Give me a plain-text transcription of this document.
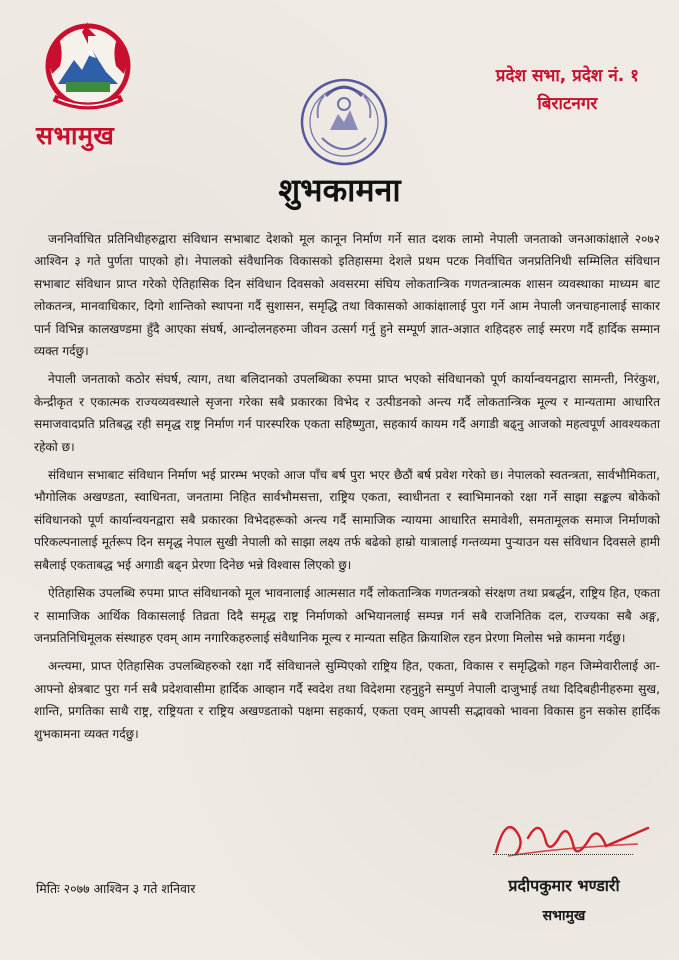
सभामुख
प्रदेश सभा, प्रदेश नं. १
बिराटनगर
शुभकामना

जननिर्वाचित प्रतिनिधीहरुद्वारा संविधान सभाबाट देशको मूल कानून निर्माण गर्ने सात दशक लामो नेपाली जनताको जनआकांक्षाले २०७२ आश्विन ३ गते पुर्णता पाएको हो। नेपालको संवैधानिक विकासको इतिहासमा देशले प्रथम पटक निर्वाचित जनप्रतिनिधी सम्मिलित संविधान सभाबाट संविधान प्राप्त गरेको ऐतिहासिक दिन संविधान दिवसको अवसरमा संघिय लोकतान्त्रिक गणतन्त्रात्मक शासन व्यवस्थाका माध्यम बाट लोकतन्त्र, मानवाधिकार, दिगो शान्तिको स्थापना गर्दै सुशासन, समृद्धि तथा विकासको आकांक्षालाई पुरा गर्ने आम नेपाली जनचाहनालाई साकार पार्न विभिन्न कालखण्डमा हुँदै आएका संघर्ष, आन्दोलनहरुमा जीवन उत्सर्ग गर्नु हुने सम्पूर्ण ज्ञात-अज्ञात शहिदहरु लाई स्मरण गर्दै हार्दिक सम्मान व्यक्त गर्दछु।

नेपाली जनताको कठोर संघर्ष, त्याग, तथा बलिदानको उपलब्धिका रुपमा प्राप्त भएको संविधानको पूर्ण कार्यान्वयनद्वारा सामन्ती, निरंकुश, केन्द्रीकृत र एकात्मक राज्यव्यवस्थाले सृजना गरेका सबै प्रकारका विभेद र उत्पीडनको अन्त्य गर्दै लोकतान्त्रिक मूल्य र मान्यतामा आधारित समाजवादप्रति प्रतिबद्ध रही समृद्ध राष्ट्र निर्माण गर्न पारस्परिक एकता सहिष्णुता, सहकार्य कायम गर्दै अगाडी बढ्नु आजको महत्वपूर्ण आवश्यकता रहेको छ।

संविधान सभाबाट संविधान निर्माण भई प्रारम्भ भएको आज पाँच बर्ष पुरा भएर छैठौं बर्ष प्रवेश गरेको छ। नेपालको स्वतन्त्रता, सार्वभौमिकता, भौगोलिक अखण्डता, स्वाधिनता, जनतामा निहित सार्वभौमसत्ता, राष्ट्रिय एकता, स्वाधीनता र स्वाभिमानको रक्षा गर्ने साझा सङ्कल्प बोकेको संविधानको पूर्ण कार्यान्वयनद्वारा सबै प्रकारका विभेदहरूको अन्त्य गर्दै सामाजिक न्यायमा आधारित समावेशी, समतामूलक समाज निर्माणको परिकल्पनालाई मूर्तरूप दिन समृद्ध नेपाल सुखी नेपाली को साझा लक्ष्य तर्फ बढेको हाम्रो यात्रालाई गन्तव्यमा पुर्‍याउन यस संविधान दिवसले हामी सबैलाई एकताबद्ध भई अगाडी बढ्न प्रेरणा दिनेछ भन्ने विश्वास लिएको छु।

ऐतिहासिक उपलब्धि रुपमा प्राप्त संविधानको मूल भावनालाई आत्मसात गर्दै लोकतान्त्रिक गणतन्त्रको संरक्षण तथा प्रबर्द्धन, राष्ट्रिय हित, एकता र सामाजिक आर्थिक विकासलाई तिव्रता दिदै समृद्ध राष्ट्र निर्माणको अभियानलाई सम्पन्न गर्न सबै राजनितिक दल, राज्यका सबै अङ्ग, जनप्रतिनिधिमूलक संस्थाहरु एवम् आम नगारिकहरुलाई संवैधानिक मूल्य र मान्यता सहित क्रियाशिल रहन प्रेरणा मिलोस भन्ने कामना गर्दछु।

अन्त्यमा, प्राप्त ऐतिहासिक उपलब्धिहरुको रक्षा गर्दै संविधानले सुम्पिएको राष्ट्रिय हित, एकता, विकास र समृद्धिको गहन जिम्मेवारीलाई आ-आफ्नो क्षेत्रबाट पुरा गर्न सबै प्रदेशवासीमा हार्दिक आव्हान गर्दै स्वदेश तथा विदेशमा रहनुहुने सम्पुर्ण नेपाली दाजुभाई तथा दिदिबहीनीहरुमा सुख, शान्ति, प्रगतिका साथै राष्ट्र, राष्ट्रियता र राष्ट्रिय अखण्डताको पक्षमा सहकार्य, एकता एवम् आपसी सद्भावको भावना विकास हुन सकोस हार्दिक शुभकामना व्यक्त गर्दछु।

मितिः २०७७ आश्विन ३ गते शनिवार	प्रदीपकुमार भण्डारी
सभामुख
